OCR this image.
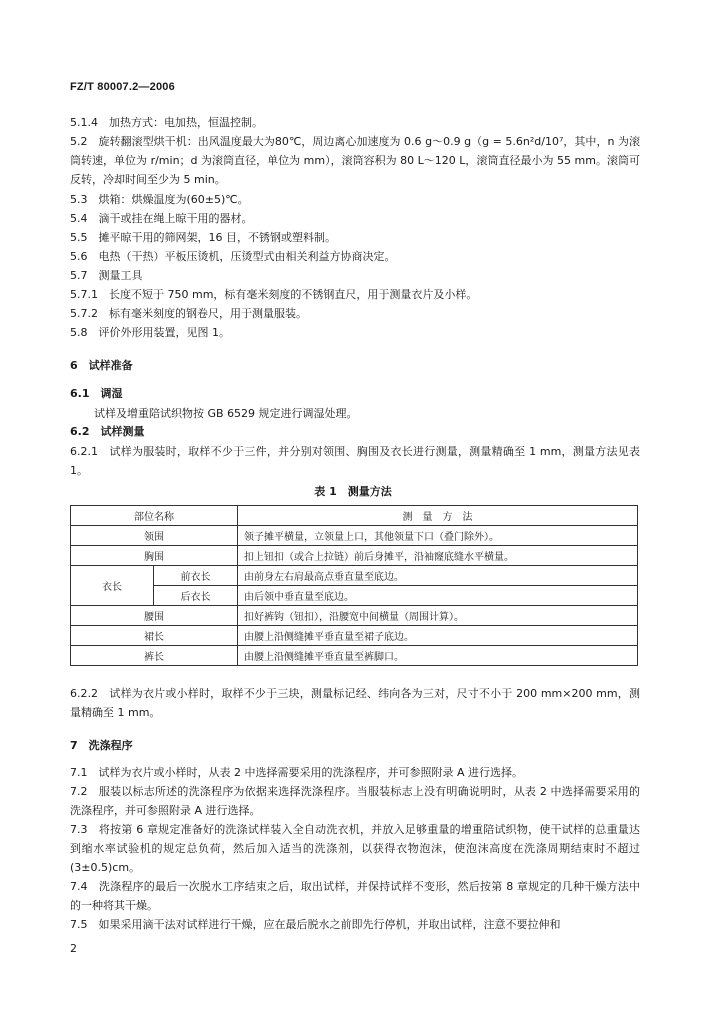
FZ/T 80007.2—2006
5.1.4　加热方式：电加热，恒温控制。
5.2　旋转翻滚型烘干机：出风温度最大为80℃，周边离心加速度为 0.6 g～0.9 g（g = 5.6n²d/10⁷，其中，n 为滚筒转速，单位为 r/min；d 为滚筒直径，单位为 mm），滚筒容积为 80 L～120 L，滚筒直径最小为 55 mm。滚筒可反转，冷却时间至少为 5 min。
5.3　烘箱：烘燥温度为(60±5)℃。
5.4　滴干或挂在绳上晾干用的器材。
5.5　摊平晾干用的筛网架，16 目，不锈钢或塑料制。
5.6　电热（干热）平板压烫机，压烫型式由相关利益方协商决定。
5.7　测量工具
5.7.1　长度不短于 750 mm，标有毫米刻度的不锈钢直尺，用于测量衣片及小样。
5.7.2　标有毫米刻度的钢卷尺，用于测量服装。
5.8　评价外形用装置，见图 1。
6　试样准备
6.1　调湿
试样及增重陪试织物按 GB 6529 规定进行调湿处理。
6.2　试样测量
6.2.1　试样为服装时，取样不少于三件，并分别对领围、胸围及衣长进行测量，测量精确至 1 mm，测量方法见表 1。
表 1　测量方法
部位名称		测　量　方　法
领围		领子摊平横量，立领量上口，其他领量下口（叠门除外）。
胸围		扣上钮扣（或合上拉链）前后身摊平，沿袖窿底缝水平横量。
衣长	前衣长	由前身左右肩最高点垂直量至底边。
	后衣长	由后领中垂直量至底边。
腰围		扣好裤钩（钮扣），沿腰宽中间横量（周围计算）。
裙长		由腰上沿侧缝摊平垂直量至裙子底边。
裤长		由腰上沿侧缝摊平垂直量至裤脚口。
6.2.2　试样为衣片或小样时，取样不少于三块，测量标记经、纬向各为三对，尺寸不小于 200 mm×200 mm，测量精确至 1 mm。
7　洗涤程序
7.1　试样为衣片或小样时，从表 2 中选择需要采用的洗涤程序，并可参照附录 A 进行选择。
7.2　服装以标志所述的洗涤程序为依据来选择洗涤程序。当服装标志上没有明确说明时，从表 2 中选择需要采用的洗涤程序，并可参照附录 A 进行选择。
7.3　将按第 6 章规定准备好的洗涤试样装入全自动洗衣机，并放入足够重量的增重陪试织物，使干试样的总重量达到缩水率试验机的规定总负荷，然后加入适当的洗涤剂，以获得衣物泡沫，使泡沫高度在洗涤周期结束时不超过(3±0.5)cm。
7.4　洗涤程序的最后一次脱水工序结束之后，取出试样，并保持试样不变形，然后按第 8 章规定的几种干燥方法中的一种将其干燥。
7.5　如果采用滴干法对试样进行干燥，应在最后脱水之前即先行停机，并取出试样，注意不要拉伸和
2
